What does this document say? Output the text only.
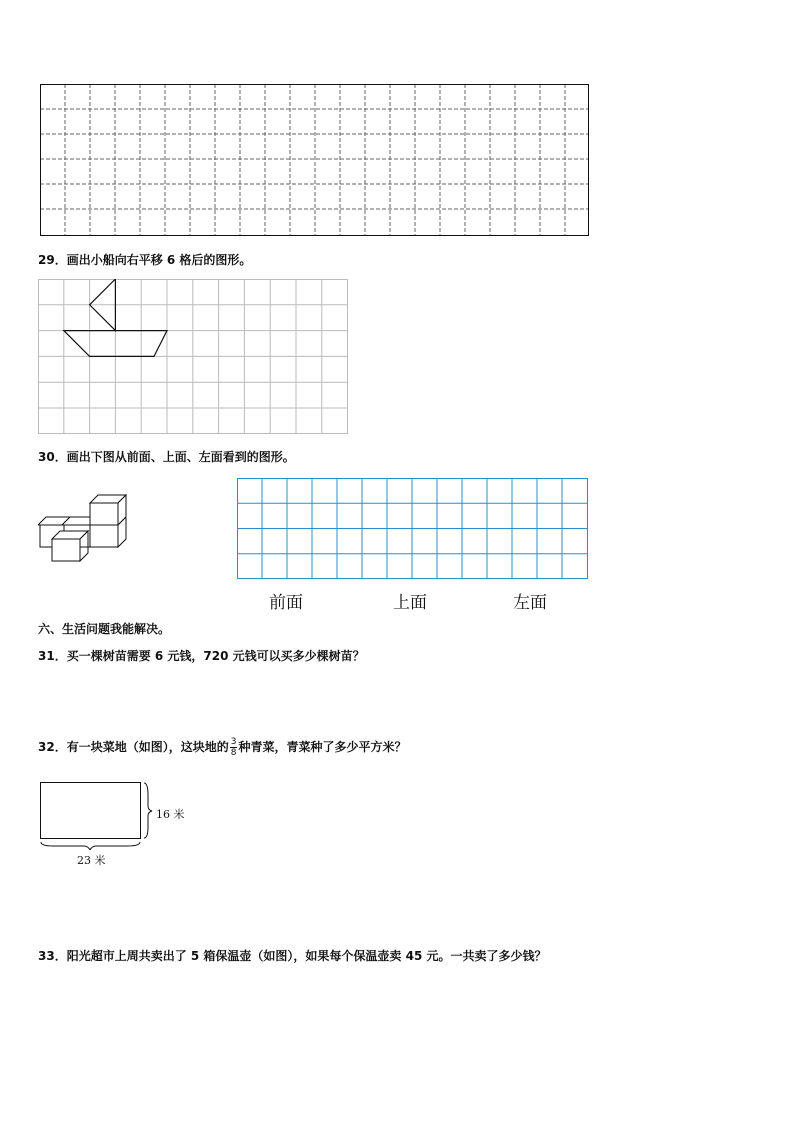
29．画出小船向右平移 6 格后的图形。
30．画出下图从前面、上面、左面看到的图形。
前面	上面	左面
六、生活问题我能解决。
31．买一棵树苗需要 6 元钱，720 元钱可以买多少棵树苗？
32．有一块菜地（如图），这块地的 $\frac{3}{8}$ 种青菜，青菜种了多少平方米？
16 米
23 米
33．阳光超市上周共卖出了 5 箱保温壶（如图），如果每个保温壶卖 45 元。一共卖了多少钱？
